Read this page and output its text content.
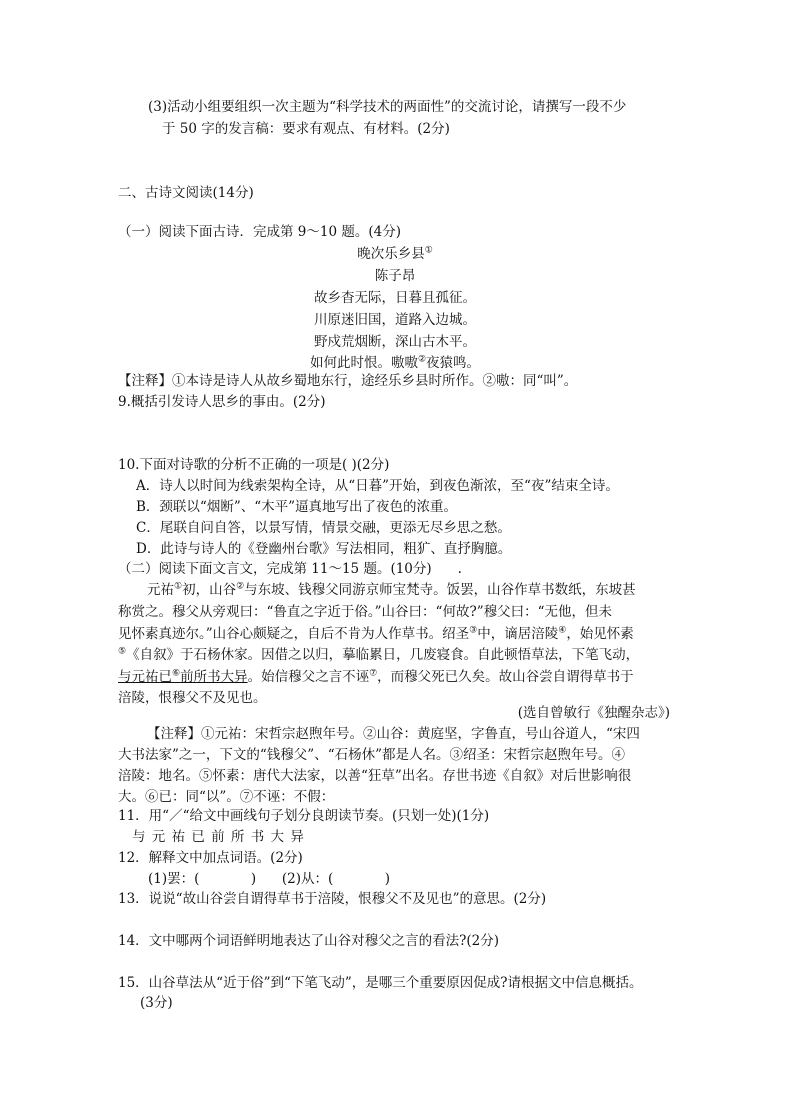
(3)活动小组要组织一次主题为“科学技术的两面性”的交流讨论，请撰写一段不少
于 50 字的发言稿：要求有观点、有材料。(2分)
二、古诗文阅读(14分)
（一）阅读下面古诗．完成第 9～10 题。(4分)
晚次乐乡县①
陈子昂
故乡杳无际，日暮且孤征。
川原迷旧国，道路入边城。
野戍荒烟断，深山古木平。
如何此时恨。嗷嗷②夜猿鸣。
【注释】①本诗是诗人从故乡蜀地东行，途经乐乡县时所作。②嗷：同“叫”。
9.概括引发诗人思乡的事由。(2分)
10.下面对诗歌的分析不正确的一项是( )(2分)
A．诗人以时间为线索架构全诗，从“日暮”开始，到夜色渐浓，至“夜”结束全诗。
B．颈联以“烟断”、“木平”逼真地写出了夜色的浓重。
C．尾联自问自答，以景写情，情景交融，更添无尽乡思之愁。
D．此诗与诗人的《登幽州台歌》写法相同，粗犷、直抒胸臆。
（二）阅读下面文言文，完成第 11～15 题。(10分) .
元祐①初，山谷②与东坡、钱穆父同游京师宝梵寺。饭罢，山谷作草书数纸，东坡甚
称赏之。穆父从旁观曰：“鲁直之字近于俗。”山谷曰：“何故?”穆父曰：“无他，但未
见怀素真迹尔。”山谷心颇疑之，自后不肯为人作草书。绍圣③中，谪居涪陵④，始见怀素
⑤《自叙》于石杨休家。因借之以归，摹临累日，几废寝食。自此顿悟草法，下笔飞动，
与元祐已⑥前所书大异。始信穆父之言不诬⑦，而穆父死已久矣。故山谷尝自谓得草书于
涪陵，恨穆父不及见也。
(选自曾敏行《独醒杂志》)
【注释】①元祐：宋哲宗赵煦年号。②山谷：黄庭坚，字鲁直，号山谷道人，“宋四
大书法家”之一，下文的“钱穆父”、“石杨休”都是人名。③绍圣：宋哲宗赵煦年号。④
涪陵：地名。⑤怀素：唐代大法家，以善“狂草”出名。存世书迹《自叙》对后世影响很
大。⑥已：同“以”。⑦不诬：不假：
11．用“／“给文中画线句子划分良朗读节奏。(只划一处)(1分)
与 元 祐 已 前 所 书 大 异
12．解释文中加点词语。(2分)
(1)罢：(            )      (2)从：(            )
13．说说“故山谷尝自谓得草书于涪陵，恨穆父不及见也”的意思。(2分)
14．文中哪两个词语鲜明地表达了山谷对穆父之言的看法?(2分)
15．山谷草法从“近于俗”到“下笔飞动”，是哪三个重要原因促成?请根据文中信息概括。
(3分)
